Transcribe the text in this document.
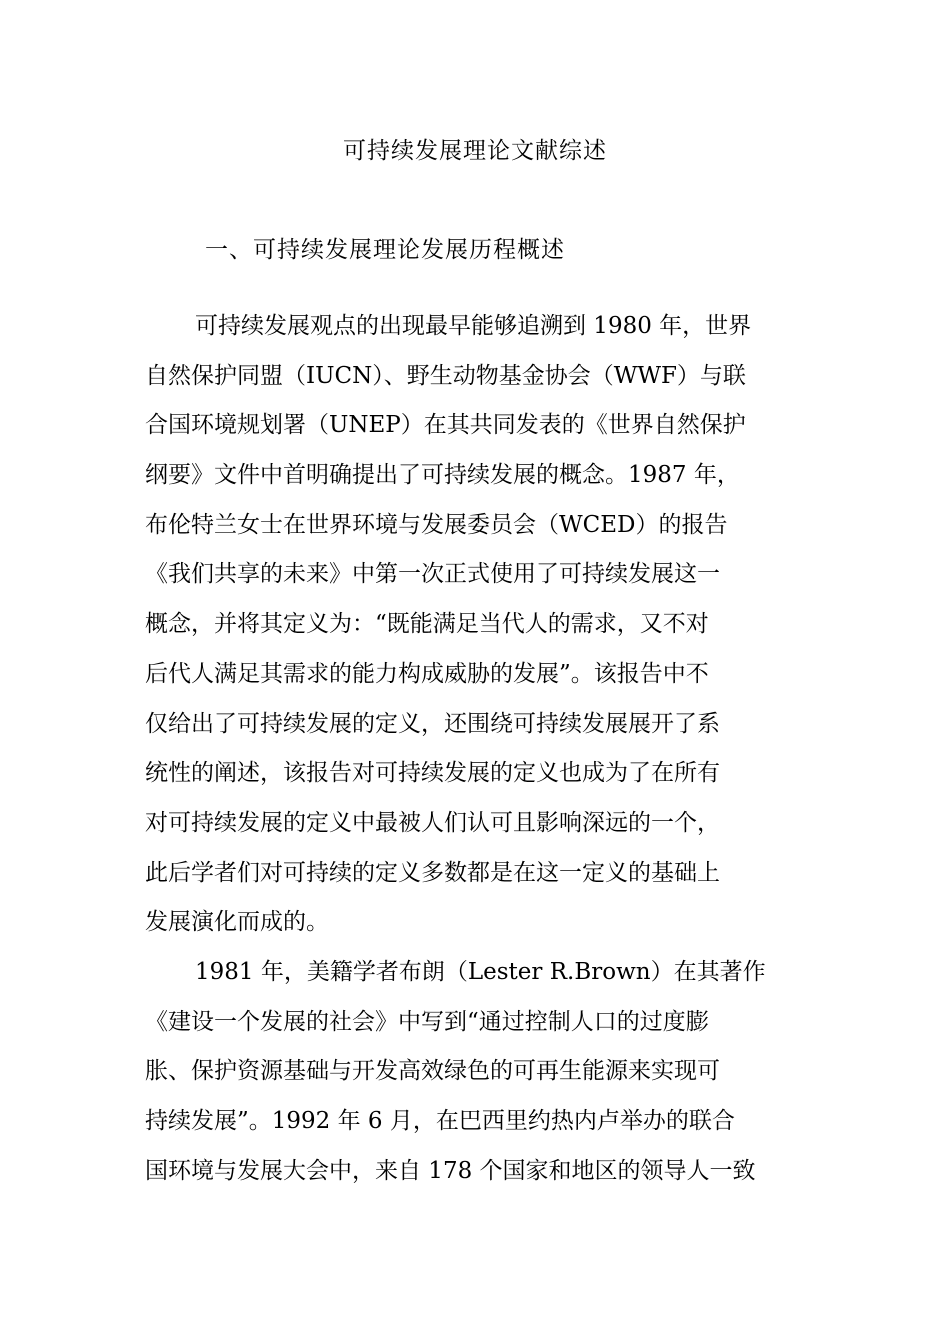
可持续发展理论文献综述
一、可持续发展理论发展历程概述
可持续发展观点的出现最早能够追溯到 1980 年，世界
自然保护同盟（IUCN）、野生动物基金协会（WWF）与联
合国环境规划署（UNEP）在其共同发表的《世界自然保护
纲要》文件中首明确提出了可持续发展的概念。1987 年，
布伦特兰女士在世界环境与发展委员会（WCED）的报告
《我们共享的未来》中第一次正式使用了可持续发展这一
概念，并将其定义为：“既能满足当代人的需求，又不对
后代人满足其需求的能力构成威胁的发展”。该报告中不
仅给出了可持续发展的定义，还围绕可持续发展展开了系
统性的阐述，该报告对可持续发展的定义也成为了在所有
对可持续发展的定义中最被人们认可且影响深远的一个，
此后学者们对可持续的定义多数都是在这一定义的基础上
发展演化而成的。
1981 年，美籍学者布朗（Lester R.Brown）在其著作
《建设一个发展的社会》中写到“通过控制人口的过度膨
胀、保护资源基础与开发高效绿色的可再生能源来实现可
持续发展”。1992 年 6 月，在巴西里约热内卢举办的联合
国环境与发展大会中，来自 178 个国家和地区的领导人一致
